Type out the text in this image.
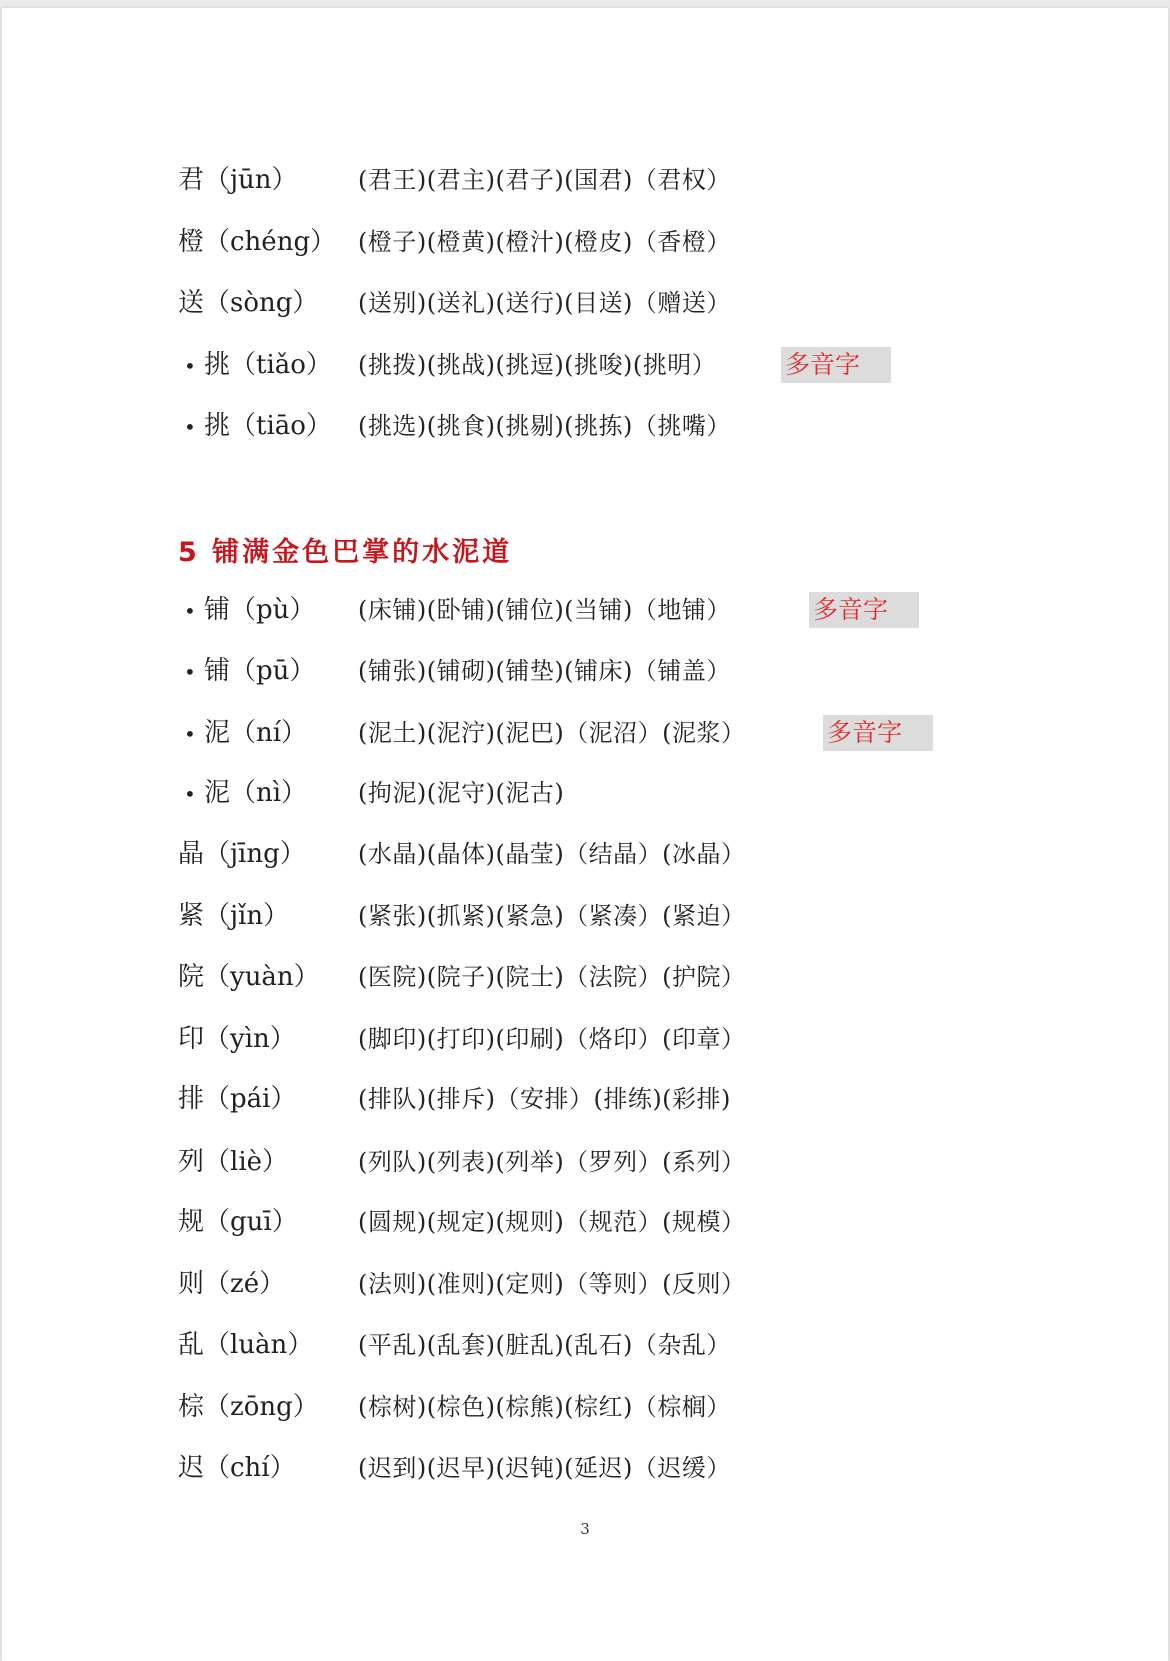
君（jūn）	(君王)(君主)(君子)(国君)（君权）
橙（chéng） (橙子)(橙黄)(橙汁)(橙皮)（香橙）
送（sòng） (送别)(送礼)(送行)(目送)（赠送）
•
挑（tiǎo） (挑拨)(挑战)(挑逗)(挑唆)(挑明）	多音字
•
挑（tiāo） (挑选)(挑食)(挑剔)(挑拣)（挑嘴）
•
铺（pù） (床铺)(卧铺)(铺位)(当铺)（地铺）	多音字
•
铺（pū） (铺张)(铺砌)(铺垫)(铺床)（铺盖）
•
泥（ní） (泥土)(泥泞)(泥巴)（泥沼）(泥浆）	多音字
•
泥（nì） (拘泥)(泥守)(泥古)
晶（jīng） (水晶)(晶体)(晶莹)（结晶）(冰晶）
紧（jǐn）	(紧张)(抓紧)(紧急)（紧凑）(紧迫）
院（yuàn） (医院)(院子)(院士)（法院）(护院）
印（yìn）	(脚印)(打印)(印刷)（烙印）(印章）
排（pái）	(排队)(排斥)（安排）(排练)(彩排)
列（liè）	(列队)(列表)(列举)（罗列）(系列）
规（guī）	(圆规)(规定)(规则)（规范）(规模）
则（zé）	(法则)(准则)(定则)（等则）(反则）
乱（luàn） (平乱)(乱套)(脏乱)(乱石)（杂乱）
棕（zōng） (棕树)(棕色)(棕熊)(棕红)（棕榈）
迟（chí）	(迟到)(迟早)(迟钝)(延迟)（迟缓）
5 铺满金色巴掌的水泥道
3
